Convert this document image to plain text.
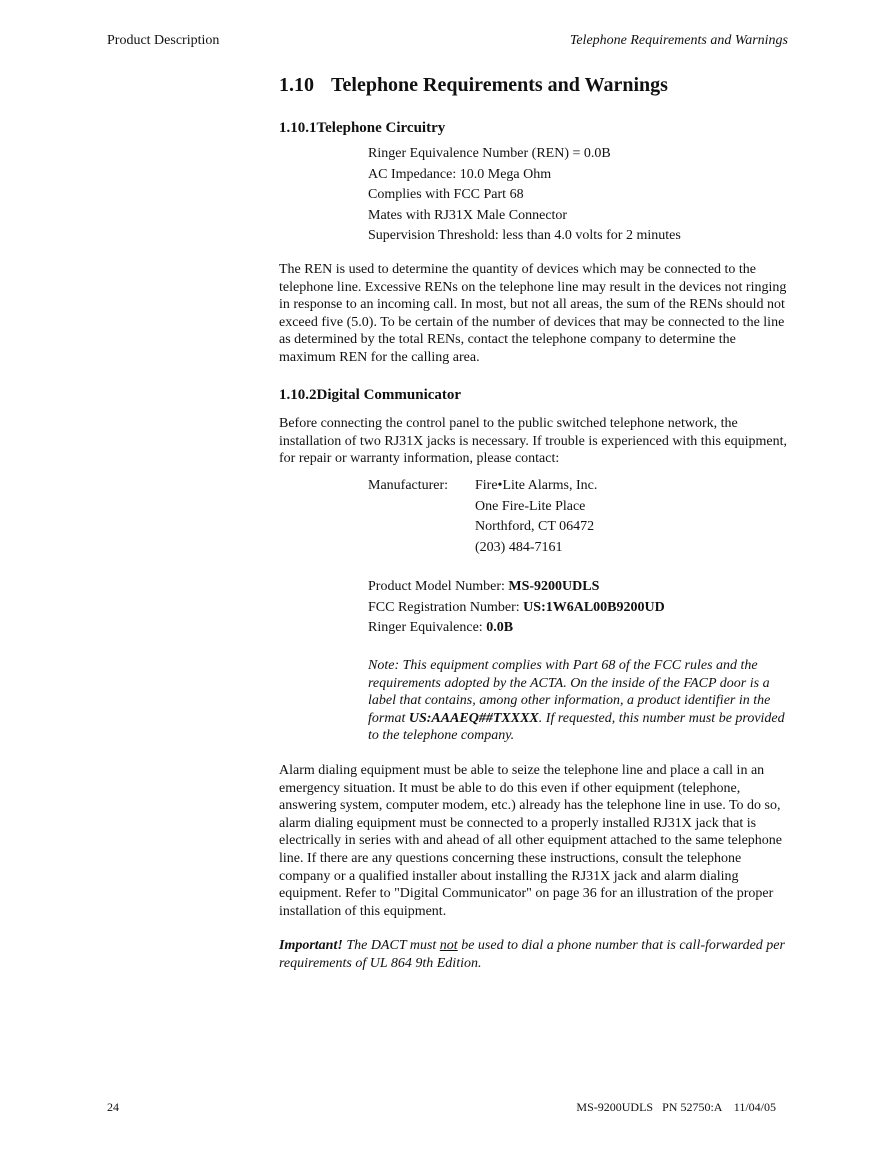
Product Description	Telephone Requirements and Warnings
1.10 Telephone Requirements and Warnings
1.10.1Telephone Circuitry
Ringer Equivalence Number (REN) = 0.0B
AC Impedance: 10.0 Mega Ohm
Complies with FCC Part 68
Mates with RJ31X Male Connector
Supervision Threshold: less than 4.0 volts for 2 minutes

The REN is used to determine the quantity of devices which may be connected to the telephone line. Excessive RENs on the telephone line may result in the devices not ringing in response to an incoming call. In most, but not all areas, the sum of the RENs should not exceed five (5.0). To be certain of the number of devices that may be connected to the line as determined by the total RENs, contact the telephone company to determine the maximum REN for the calling area.

1.10.2Digital Communicator

Before connecting the control panel to the public switched telephone network, the installation of two RJ31X jacks is necessary. If trouble is experienced with this equipment, for repair or warranty information, please contact:

Manufacturer: Fire•Lite Alarms, Inc.
One Fire-Lite Place
Northford, CT 06472
(203) 484-7161
Product Model Number: MS-9200UDLS
FCC Registration Number: US:1W6AL00B9200UD
Ringer Equivalence: 0.0B
Note: This equipment complies with Part 68 of the FCC rules and the requirements adopted by the ACTA. On the inside of the FACP door is a label that contains, among other information, a product identifier in the format US:AAAEQ##TXXXX. If requested, this number must be provided to the telephone company.

Alarm dialing equipment must be able to seize the telephone line and place a call in an emergency situation. It must be able to do this even if other equipment (telephone, answering system, computer modem, etc.) already has the telephone line in use. To do so, alarm dialing equipment must be connected to a properly installed RJ31X jack that is electrically in series with and ahead of all other equipment attached to the same telephone line. If there are any questions concerning these instructions, consult the telephone company or a qualified installer about installing the RJ31X jack and alarm dialing equipment. Refer to "Digital Communicator" on page 36 for an illustration of the proper installation of this equipment.

Important! The DACT must not be used to dial a phone number that is call-forwarded per requirements of UL 864 9th Edition.
24	MS-9200UDLS   PN 52750:A    11/04/05
